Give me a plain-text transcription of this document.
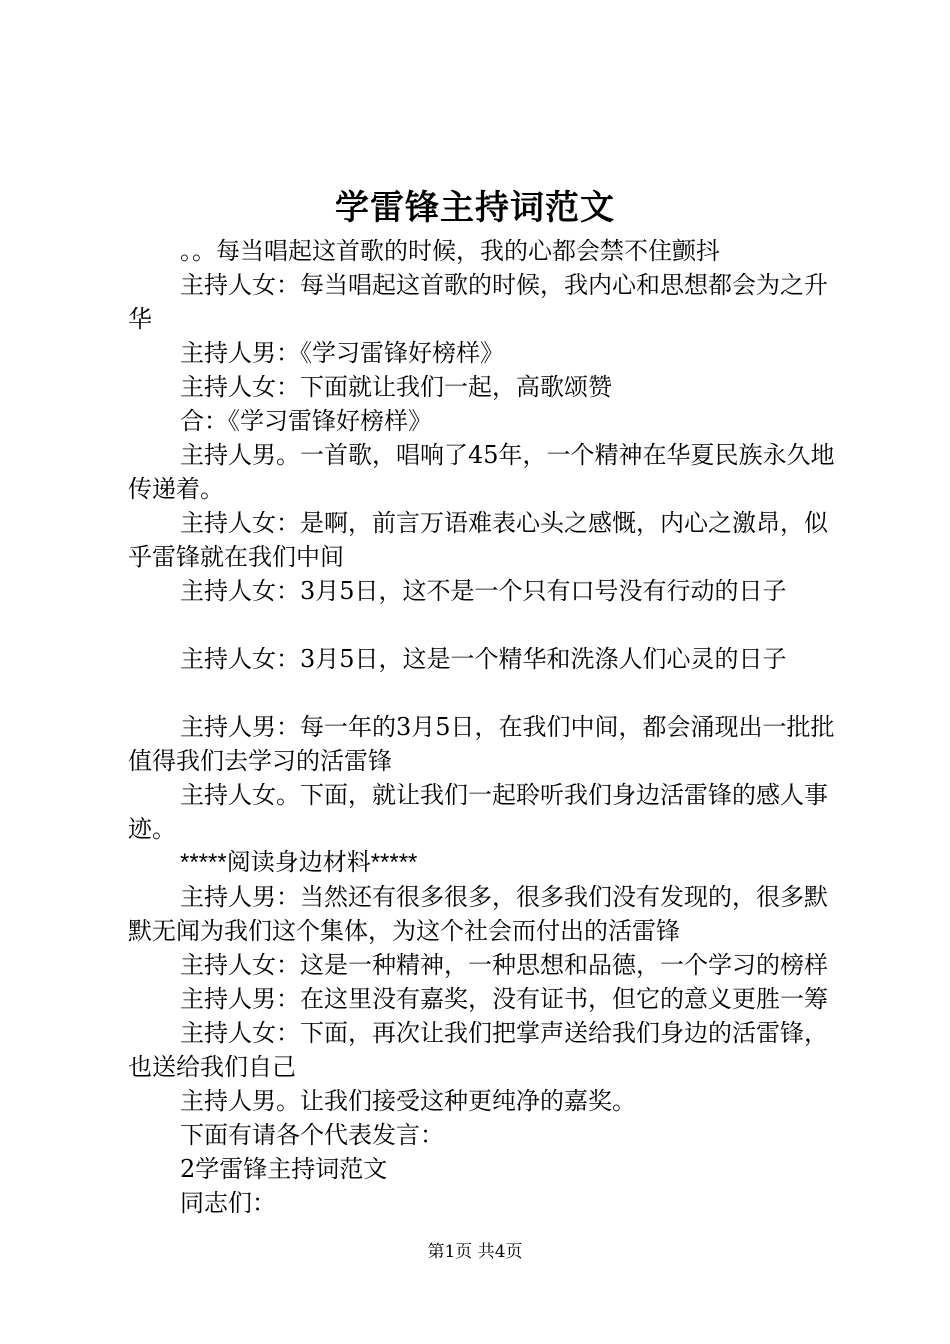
学雷锋主持词范文

。。每当唱起这首歌的时候，我的心都会禁不住颤抖

主持人女：每当唱起这首歌的时候，我内心和思想都会为之升华

主持人男：《学习雷锋好榜样》

主持人女：下面就让我们一起，高歌颂赞

合：《学习雷锋好榜样》

主持人男。一首歌，唱响了45年，一个精神在华夏民族永久地传递着。

主持人女：是啊，前言万语难表心头之感慨，内心之激昂，似乎雷锋就在我们中间

主持人女：3月5日，这不是一个只有口号没有行动的日子

主持人女：3月5日，这是一个精华和洗涤人们心灵的日子

主持人男：每一年的3月5日，在我们中间，都会涌现出一批批值得我们去学习的活雷锋

主持人女。下面，就让我们一起聆听我们身边活雷锋的感人事迹。

*****阅读身边材料*****

主持人男：当然还有很多很多，很多我们没有发现的，很多默默无闻为我们这个集体，为这个社会而付出的活雷锋

主持人女：这是一种精神，一种思想和品德，一个学习的榜样

主持人男：在这里没有嘉奖，没有证书，但它的意义更胜一筹

主持人女：下面，再次让我们把掌声送给我们身边的活雷锋，也送给我们自己

主持人男。让我们接受这种更纯净的嘉奖。

下面有请各个代表发言：

2学雷锋主持词范文

同志们：

第1页 共4页
